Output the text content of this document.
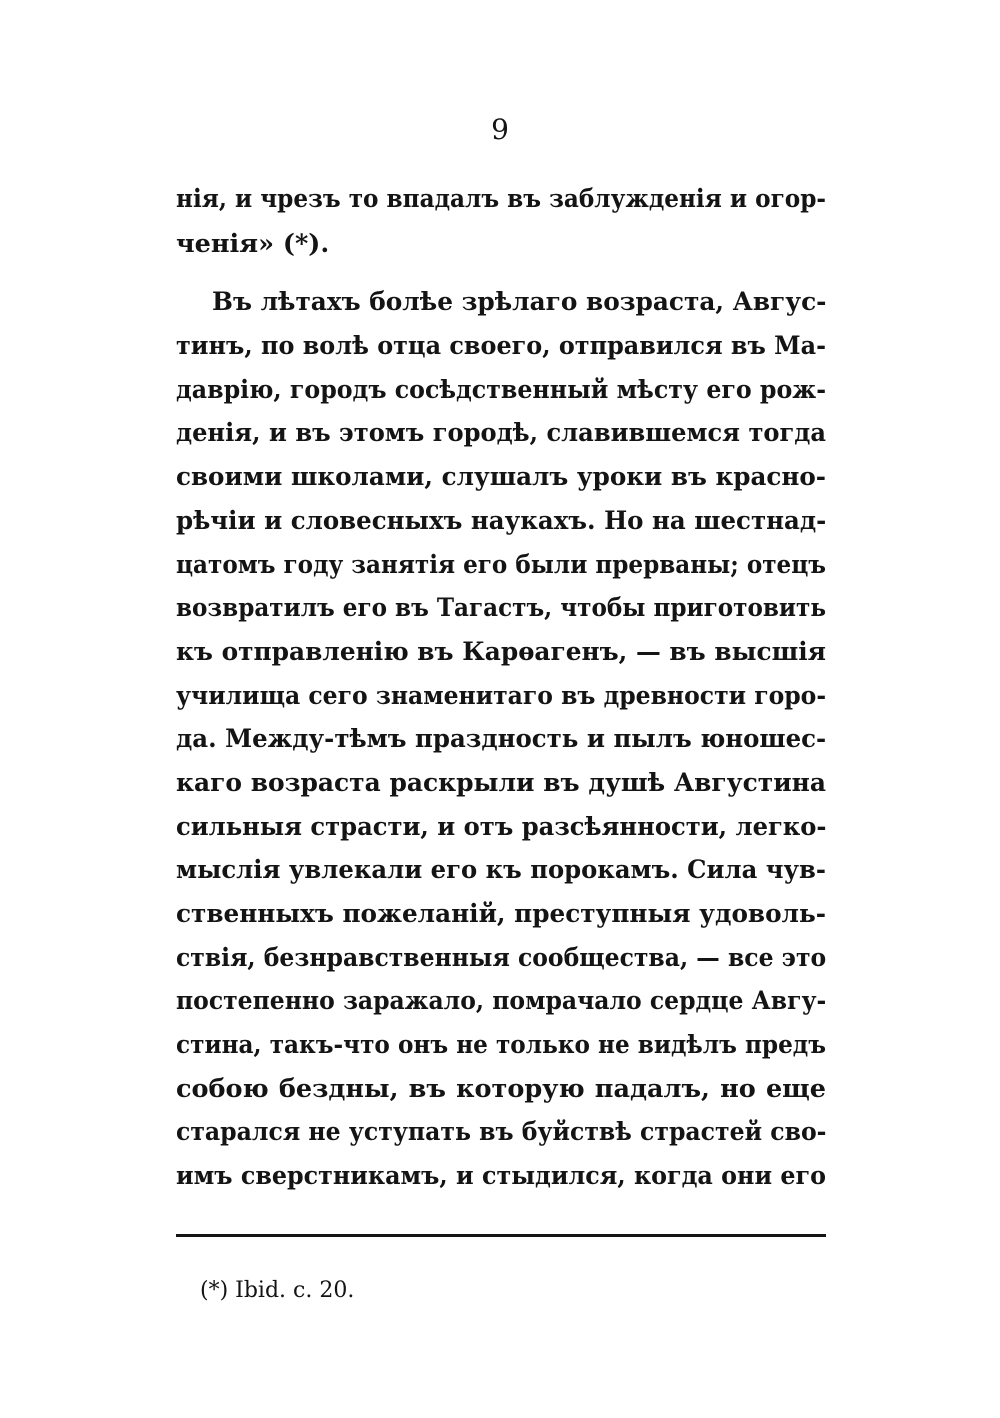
9
нія, и чрезъ то впадалъ въ заблужденія и огор-
ченія» (*).
Въ лѣтахъ болѣе зрѣлаго возраста, Авгус-
тинъ, по волѣ отца своего, отправился въ Ма-
даврію, городъ сосѣдственный мѣсту его рож-
денія, и въ этомъ городѣ, славившемся тогда
своими школами, слушалъ уроки въ красно-
рѣчіи и словесныхъ наукахъ. Но на шестнад-
цатомъ году занятія его были прерваны; отецъ
возвратилъ его въ Тагастъ, чтобы приготовить
къ отправленію въ Карѳагенъ, — въ высшія
училища сего знаменитаго въ древности горо-
да. Между-тѣмъ праздность и пылъ юношес-
каго возраста раскрыли въ душѣ Августина
сильныя страсти, и отъ разсѣянности, легко-
мыслія увлекали его къ порокамъ. Сила чув-
ственныхъ пожеланій, преступныя удоволь-
ствія, безнравственныя сообщества, — все это
постепенно заражало, помрачало сердце Авгу-
стина, такъ-что онъ не только не видѣлъ предъ
собою бездны, въ которую падалъ, но еще
старался не уступать въ буйствѣ страстей сво-
имъ сверстникамъ, и стыдился, когда они его
(*) Ibid. c. 20.
